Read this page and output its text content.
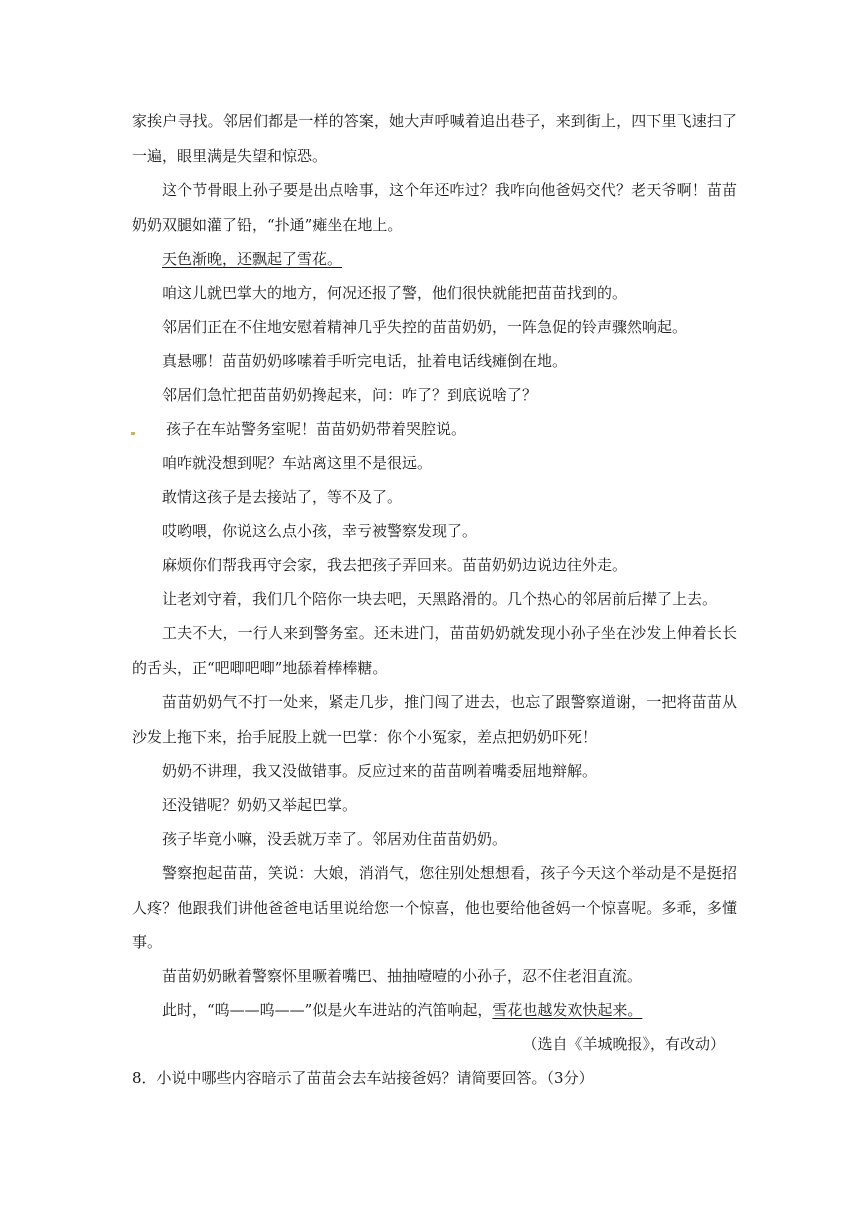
家挨户寻找。邻居们都是一样的答案，她大声呼喊着追出巷子，来到街上，四下里飞速扫了一遍，眼里满是失望和惊恐。

这个节骨眼上孙子要是出点啥事，这个年还咋过？我咋向他爸妈交代？老天爷啊！苗苗奶奶双腿如灌了铅，“扑通”瘫坐在地上。

天色渐晚，还飘起了雪花。

咱这儿就巴掌大的地方，何况还报了警，他们很快就能把苗苗找到的。

邻居们正在不住地安慰着精神几乎失控的苗苗奶奶，一阵急促的铃声骤然响起。

真悬哪！苗苗奶奶哆嗦着手听完电话，扯着电话线瘫倒在地。

邻居们急忙把苗苗奶奶搀起来，问：咋了？到底说啥了？

孩子在车站警务室呢！苗苗奶奶带着哭腔说。

咱咋就没想到呢？车站离这里不是很远。

敢情这孩子是去接站了，等不及了。

哎哟喂，你说这么点小孩，幸亏被警察发现了。

麻烦你们帮我再守会家，我去把孩子弄回来。苗苗奶奶边说边往外走。

让老刘守着，我们几个陪你一块去吧，天黑路滑的。几个热心的邻居前后撵了上去。

工夫不大，一行人来到警务室。还未进门，苗苗奶奶就发现小孙子坐在沙发上伸着长长的舌头，正“吧唧吧唧”地舔着棒棒糖。

苗苗奶奶气不打一处来，紧走几步，推门闯了进去，也忘了跟警察道谢，一把将苗苗从沙发上拖下来，抬手屁股上就一巴掌：你个小冤家，差点把奶奶吓死！

奶奶不讲理，我又没做错事。反应过来的苗苗咧着嘴委屈地辩解。

还没错呢？奶奶又举起巴掌。

孩子毕竟小嘛，没丢就万幸了。邻居劝住苗苗奶奶。

警察抱起苗苗，笑说：大娘，消消气，您往别处想想看，孩子今天这个举动是不是挺招人疼？他跟我们讲他爸爸电话里说给您一个惊喜，他也要给他爸妈一个惊喜呢。多乖，多懂事。

苗苗奶奶瞅着警察怀里噘着嘴巴、抽抽噎噎的小孙子，忍不住老泪直流。

此时，“呜——呜——”似是火车进站的汽笛响起，雪花也越发欢快起来。

（选自《羊城晚报》，有改动）

8．小说中哪些内容暗示了苗苗会去车站接爸妈？请简要回答。（3分）
